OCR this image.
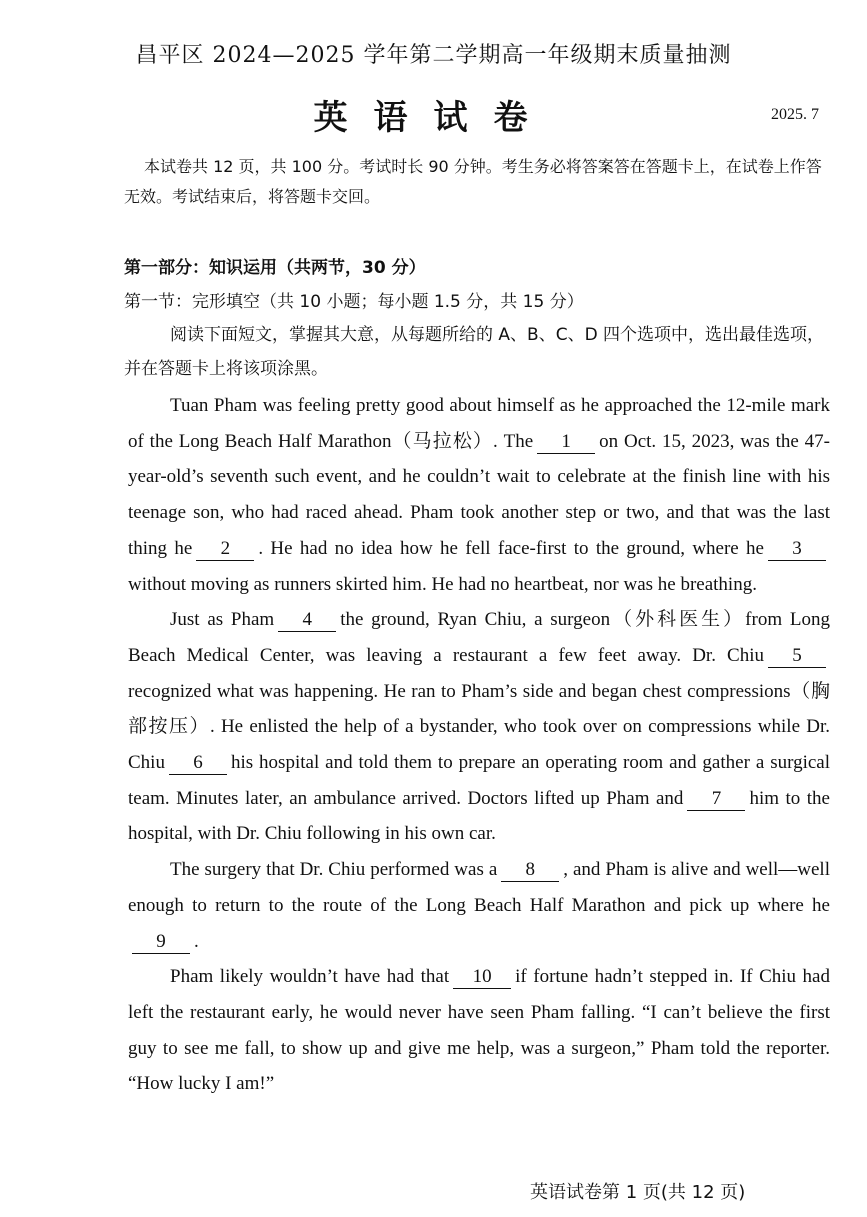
昌平区 2024—2025 学年第二学期高一年级期末质量抽测
英语试卷	2025. 7
本试卷共 12 页，共 100 分。考试时长 90 分钟。考生务必将答案答在答题卡上，在试卷上作答无效。考试结束后，将答题卡交回。
第一部分：知识运用（共两节，30 分）
第一节：完形填空（共 10 小题；每小题 1.5 分，共 15 分）
阅读下面短文，掌握其大意，从每题所给的 A、B、C、D 四个选项中，选出最佳选项，并在答题卡上将该项涂黑。

Tuan Pham was feeling pretty good about himself as he approached the 12-mile mark of the Long Beach Half Marathon（马拉松）. The 1 on Oct. 15, 2023, was the 47-year-old’s seventh such event, and he couldn’t wait to celebrate at the finish line with his teenage son, who had raced ahead. Pham took another step or two, and that was the last thing he 2 . He had no idea how he fell face-first to the ground, where he 3without moving as runners skirted him. He had no heartbeat, nor was he breathing.

Just as Pham 4 the ground, Ryan Chiu, a surgeon（外科医生）from Long Beach Medical Center, was leaving a restaurant a few feet away. Dr. Chiu 5recognized what was happening. He ran to Pham’s side and began chest compressions（胸部按压）. He enlisted the help of a bystander, who took over on compressions while Dr. Chiu 6 his hospital and told them to prepare an operating room and gather a surgical team. Minutes later, an ambulance arrived. Doctors lifted up Pham and 7 him to the hospital, with Dr. Chiu following in his own car.

The surgery that Dr. Chiu performed was a 8 , and Pham is alive and well—well enough to return to the route of the Long Beach Half Marathon and pick up where he9 .

Pham likely wouldn’t have had that 10 if fortune hadn’t stepped in. If Chiu had left the restaurant early, he would never have seen Pham falling. “I can’t believe the first guy to see me fall, to show up and give me help, was a surgeon,” Pham told the reporter. “How lucky I am!”

英语试卷第 1 页(共 12 页)
